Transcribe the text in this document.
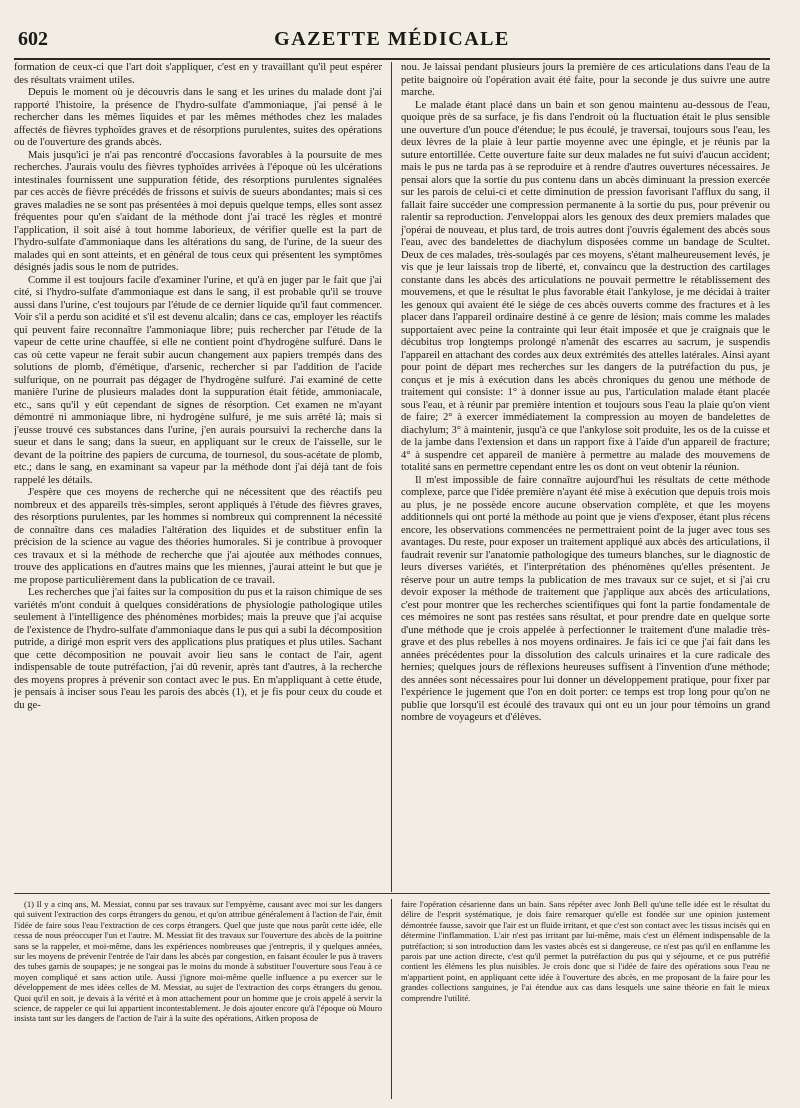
602	GAZETTE MÉDICALE

formation de ceux-ci que l'art doit s'appliquer, c'est en y travaillant qu'il peut espérer des résultats vraiment utiles.

Depuis le moment où je découvris dans le sang et les urines du malade dont j'ai rapporté l'histoire, la présence de l'hydro-sulfate d'ammoniaque, j'ai pensé à le rechercher dans les mêmes liquides et par les mêmes méthodes chez les malades affectés de fièvres typhoïdes graves et de résorptions purulentes, suites des opérations ou de l'ouverture des grands abcès.

Mais jusqu'ici je n'ai pas rencontré d'occasions favorables à la poursuite de mes recherches. J'aurais voulu des fièvres typhoïdes arrivées à l'époque où les ulcérations intestinales fournissent une suppuration fétide, des résorptions purulentes signalées par ces accès de fièvre précédés de frissons et suivis de sueurs abondantes; mais si ces graves maladies ne se sont pas présentées à moi depuis quelque temps, elles sont assez fréquentes pour qu'en s'aidant de la méthode dont j'ai tracé les règles et montré l'application, il soit aisé à tout homme laborieux, de vérifier quelle est la part de l'hydro-sulfate d'ammoniaque dans les altérations du sang, de l'urine, de la sueur des malades qui en sont atteints, et en général de tous ceux qui présentent les symptômes désignés jadis sous le nom de putrides.

Comme il est toujours facile d'examiner l'urine, et qu'à en juger par le fait que j'ai cité, si l'hydro-sulfate d'ammoniaque est dans le sang, il est probable qu'il se trouve aussi dans l'urine, c'est toujours par l'étude de ce dernier liquide qu'il faut commencer. Voir s'il a perdu son acidité et s'il est devenu alcalin; dans ce cas, employer les réactifs qui peuvent faire reconnaître l'ammoniaque libre; puis rechercher par l'étude de la vapeur de cette urine chauffée, si elle ne contient point d'hydrogène sulfuré. Dans le cas où cette vapeur ne ferait subir aucun changement aux papiers trempés dans des solutions de plomb, d'émétique, d'arsenic, rechercher si par l'addition de l'acide sulfurique, on ne pourrait pas dégager de l'hydrogène sulfuré. J'ai examiné de cette manière l'urine de plusieurs malades dont la suppuration était fétide, ammoniacale, etc., sans qu'il y eût cependant de signes de résorption. Cet examen ne m'ayant démontré ni ammoniaque libre, ni hydrogène sulfuré, je me suis arrêté là; mais si j'eusse trouvé ces substances dans l'urine, j'en aurais poursuivi la recherche dans la sueur et dans le sang; dans la sueur, en appliquant sur le creux de l'aisselle, sur le devant de la poitrine des papiers de curcuma, de tournesol, du sous-acétate de plomb, etc.; dans le sang, en examinant sa vapeur par la méthode dont j'ai déjà tant de fois rappelé les détails.

J'espère que ces moyens de recherche qui ne nécessitent que des réactifs peu nombreux et des appareils très-simples, seront appliqués à l'étude des fièvres graves, des résorptions purulentes, par les hommes si nombreux qui comprennent la nécessité de connaître dans ces maladies l'altération des liquides et de substituer enfin la précision de la science au vague des théories humorales. Si je contribue à provoquer ces travaux et si la méthode de recherche que j'ai ajoutée aux méthodes connues, trouve des applications en d'autres mains que les miennes, j'aurai atteint le but que je me propose particulièrement dans la publication de ce travail.

Les recherches que j'ai faites sur la composition du pus et la raison chimique de ses variétés m'ont conduit à quelques considérations de physiologie pathologique utiles seulement à l'intelligence des phénomènes morbides; mais la preuve que j'ai acquise de l'existence de l'hydro-sulfate d'ammoniaque dans le pus qui a subi la décomposition putride, a dirigé mon esprit vers des applications plus pratiques et plus utiles. Sachant que cette décomposition ne pouvait avoir lieu sans le contact de l'air, agent indispensable de toute putréfaction, j'ai dû revenir, après tant d'autres, à la recherche des moyens propres à prévenir son contact avec le pus. En m'appliquant à cette étude, je pensais à inciser sous l'eau les parois des abcès (1), et je fis pour ceux du coude et du ge-

nou. Je laissai pendant plusieurs jours la première de ces articulations dans l'eau de la petite baignoire où l'opération avait été faite, pour la seconde je dus suivre une autre marche.

Le malade étant placé dans un bain et son genou maintenu au-dessous de l'eau, quoique près de sa surface, je fis dans l'endroit où la fluctuation était le plus sensible une ouverture d'un pouce d'étendue; le pus écoulé, je traversai, toujours sous l'eau, les deux lèvres de la plaie à leur partie moyenne avec une épingle, et je réunis par la suture entortillée. Cette ouverture faite sur deux malades ne fut suivi d'aucun accident; mais le pus ne tarda pas à se reproduire et à rendre d'autres ouvertures nécessaires. Je pensai alors que la sortie du pus contenu dans un abcès diminuant la pression exercée sur les parois de celui-ci et cette diminution de pression favorisant l'afflux du sang, il fallait faire succéder une compression permanente à la sortie du pus, pour prévenir ou ralentir sa reproduction. J'enveloppai alors les genoux des deux premiers malades que j'opérai de nouveau, et plus tard, de trois autres dont j'ouvris également des abcès sous l'eau, avec des bandelettes de diachylum disposées comme un bandage de Scultet. Deux de ces malades, très-soulagés par ces moyens, s'étant malheureusement levés, je vis que je leur laissais trop de liberté, et, convaincu que la destruction des cartilages constante dans les abcès des articulations ne pouvait permettre le rétablissement des mouvemens, et que le résultat le plus favorable était l'ankylose, je me décidai à traiter les genoux qui avaient été le siége de ces abcès ouverts comme des fractures et à les placer dans l'appareil ordinaire destiné à ce genre de lésion; mais comme les malades supportaient avec peine la contrainte qui leur était imposée et que je craignais que le décubitus trop longtemps prolongé n'amenât des escarres au sacrum, je suspendis l'appareil en attachant des cordes aux deux extrémités des attelles latérales. Ainsi ayant pour point de départ mes recherches sur les dangers de la putréfaction du pus, je conçus et je mis à exécution dans les abcès chroniques du genou une méthode de traitement qui consiste: 1° à donner issue au pus, l'articulation malade étant placée sous l'eau, et à réunir par première intention et toujours sous l'eau la plaie qu'on vient de faire; 2° à exercer immédiatement la compression au moyen de bandelettes de diachylum; 3° à maintenir, jusqu'à ce que l'ankylose soit produite, les os de la cuisse et de la jambe dans l'extension et dans un rapport fixe à l'aide d'un appareil de fracture; 4° à suspendre cet appareil de manière à permettre au malade des mouvemens de totalité sans en permettre cependant entre les os dont on veut obtenir la réunion.

Il m'est impossible de faire connaître aujourd'hui les résultats de cette méthode complexe, parce que l'idée première n'ayant été mise à exécution que depuis trois mois au plus, je ne possède encore aucune observation complète, et que les moyens additionnels qui ont porté la méthode au point que je viens d'exposer, étant plus récens encore, les observations commencées ne permettraient point de la juger avec tous ses avantages. Du reste, pour exposer un traitement appliqué aux abcès des articulations, il faudrait revenir sur l'anatomie pathologique des tumeurs blanches, sur le diagnostic de leurs diverses variétés, et l'interprétation des phénomènes qu'elles présentent. Je réserve pour un autre temps la publication de mes travaux sur ce sujet, et si j'ai cru devoir exposer la méthode de traitement que j'applique aux abcès des articulations, c'est pour montrer que les recherches scientifiques qui font la partie fondamentale de ces mémoires ne sont pas restées sans résultat, et pour prendre date en quelque sorte d'une méthode que je crois appelée à perfectionner le traitement d'une maladie très-grave et des plus rebelles à nos moyens ordinaires. Je fais ici ce que j'ai fait dans les années précédentes pour la dissolution des calculs urinaires et la cure radicale des hernies; quelques jours de réflexions heureuses suffisent à l'invention d'une méthode; des années sont nécessaires pour lui donner un développement pratique, pour fixer par l'expérience le jugement que l'on en doit porter: ce temps est trop long pour qu'on ne publie que lorsqu'il est écoulé des travaux qui ont eu un jour pour témoins un grand nombre de voyageurs et d'élèves.

(1) Il y a cinq ans, M. Messiat, connu par ses travaux sur l'empyème, causant avec moi sur les dangers qui suivent l'extraction des corps étrangers du genou, et qu'on attribue généralement à l'action de l'air, émit l'idée de faire sous l'eau l'extraction de ces corps étrangers. Quel que juste que nous parût cette idée, elle cessa de nous préoccuper l'un et l'autre. M. Messiat fit des travaux sur l'ouverture des abcès de la poitrine sans se la rappeler, et moi-même, dans les expériences nombreuses que j'entrepris, il y quelques années, sur les moyens de prévenir l'entrée de l'air dans les abcès par congestion, en faisant écouler le pus à travers des tubes garnis de soupapes; je ne songeai pas le moins du monde à substituer l'ouverture sous l'eau à ce moyen compliqué et sans action utile. Aussi j'ignore moi-même quelle influence a pu exercer sur le développement de mes idées celles de M. Messiat, au sujet de l'extraction des corps étrangers du genou. Quoi qu'il en soit, je devais à la vérité et à mon attachement pour un homme que je crois appelé à servir la science, de rappeler ce qui lui appartient incontestablement. Je dois ajouter encore qu'à l'époque où Mouro insista tant sur les dangers de l'action de l'air à la suite des opérations, Aitken proposa de

faire l'opération césarienne dans un bain. Sans répéter avec Jonh Bell qu'une telle idée est le résultat du délire de l'esprit systématique, je dois faire remarquer qu'elle est fondée sur une opinion justement démontrée fausse, savoir que l'air est un fluide irritant, et que c'est son contact avec les tissus incisés qui en détermine l'inflammation. L'air n'est pas irritant par lui-même, mais c'est un élément indispensable de la putréfaction; si son introduction dans les vastes abcès est si dangereuse, ce n'est pas qu'il en enflamme les parois par une action directe, c'est qu'il permet la putréfaction du pus qui y séjourne, et ce pus putréfié contient les élémens les plus nuisibles. Je crois donc que si l'idée de faire des opérations sous l'eau ne m'appartient point, en appliquant cette idée à l'ouverture des abcès, en me proposant de la faire pour les grandes collections sanguines, je l'ai étendue aux cas dans lesquels une saine théorie en fait le mieux comprendre l'utilité.
